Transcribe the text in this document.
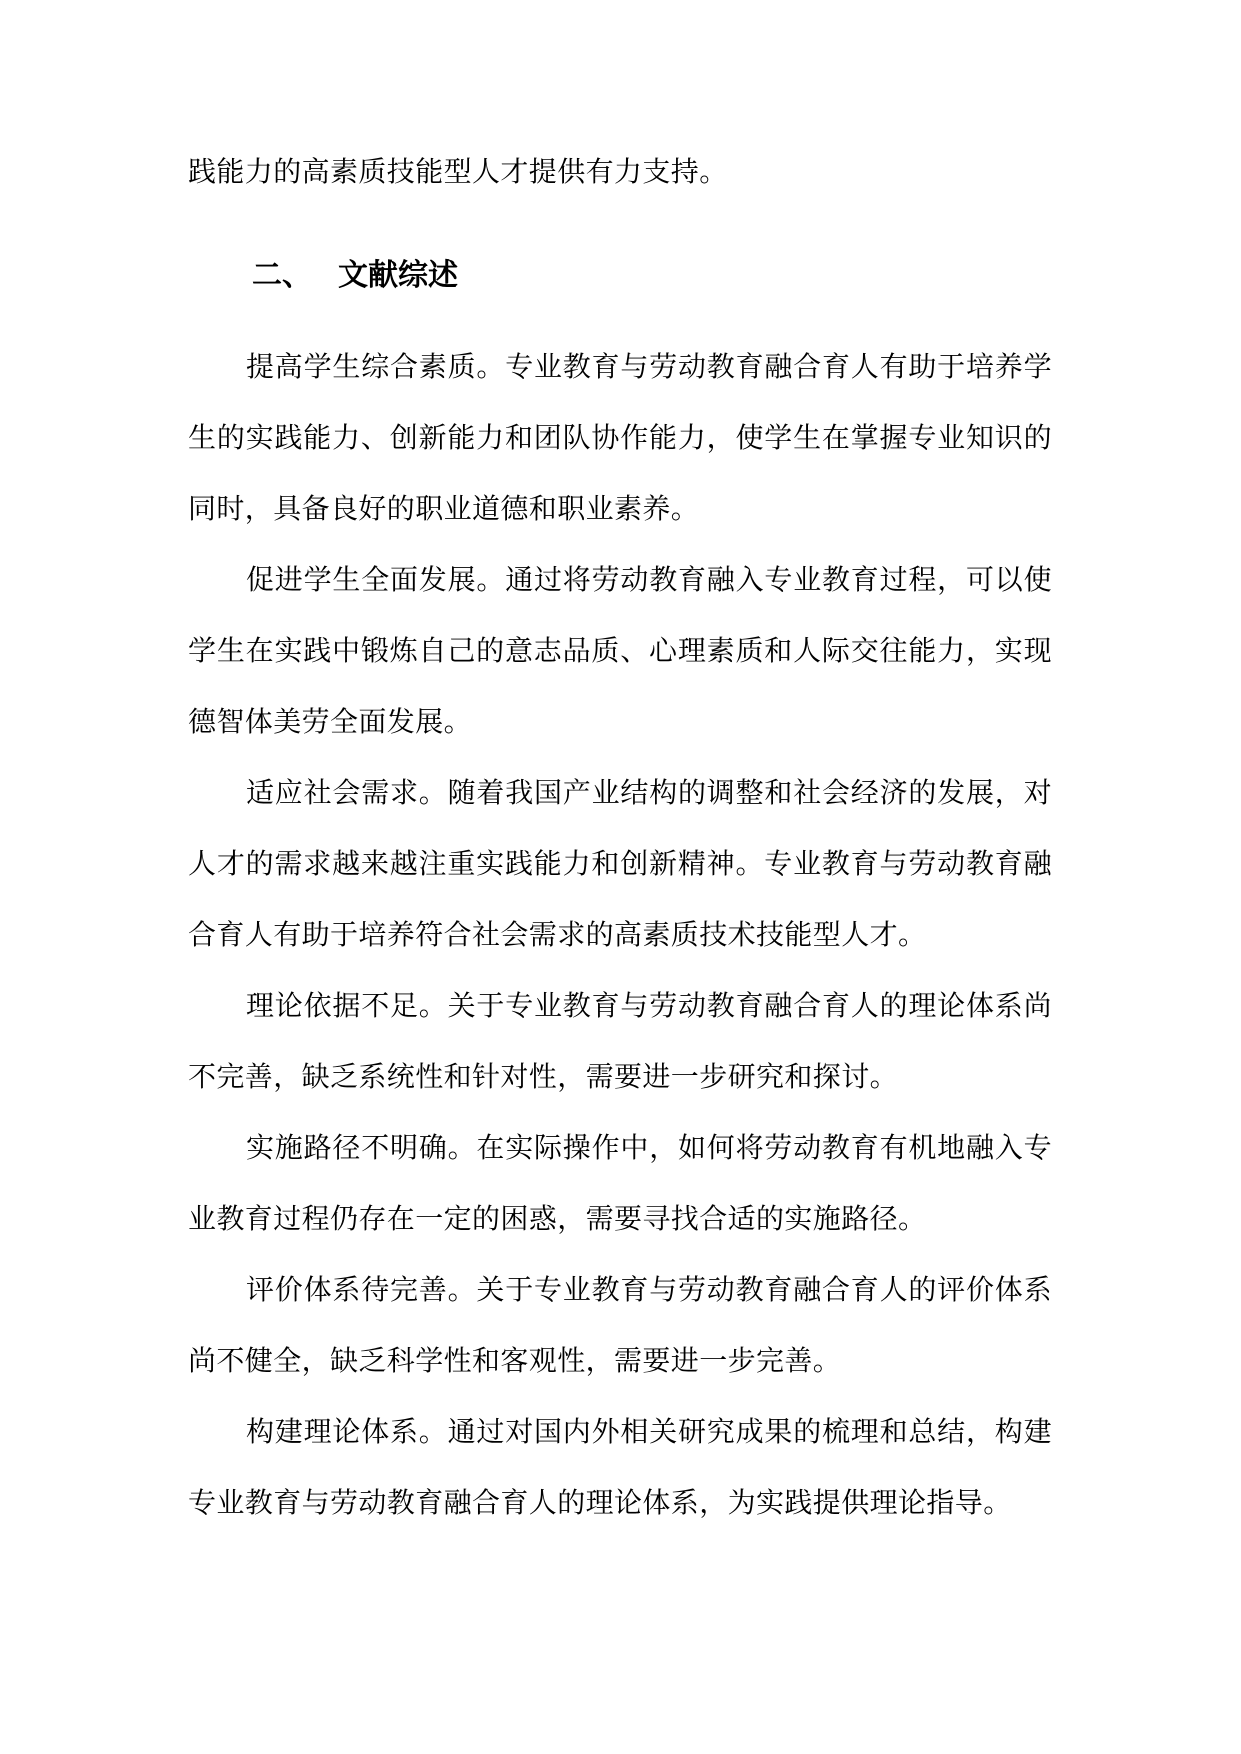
践能力的高素质技能型人才提供有力支持。

二、 文献综述

提高学生综合素质。专业教育与劳动教育融合育人有助于培养学生的实践能力、创新能力和团队协作能力，使学生在掌握专业知识的同时，具备良好的职业道德和职业素养。

促进学生全面发展。通过将劳动教育融入专业教育过程，可以使学生在实践中锻炼自己的意志品质、心理素质和人际交往能力，实现德智体美劳全面发展。

适应社会需求。随着我国产业结构的调整和社会经济的发展，对人才的需求越来越注重实践能力和创新精神。专业教育与劳动教育融合育人有助于培养符合社会需求的高素质技术技能型人才。

理论依据不足。关于专业教育与劳动教育融合育人的理论体系尚不完善，缺乏系统性和针对性，需要进一步研究和探讨。

实施路径不明确。在实际操作中，如何将劳动教育有机地融入专业教育过程仍存在一定的困惑，需要寻找合适的实施路径。

评价体系待完善。关于专业教育与劳动教育融合育人的评价体系尚不健全，缺乏科学性和客观性，需要进一步完善。

构建理论体系。通过对国内外相关研究成果的梳理和总结，构建专业教育与劳动教育融合育人的理论体系，为实践提供理论指导。
